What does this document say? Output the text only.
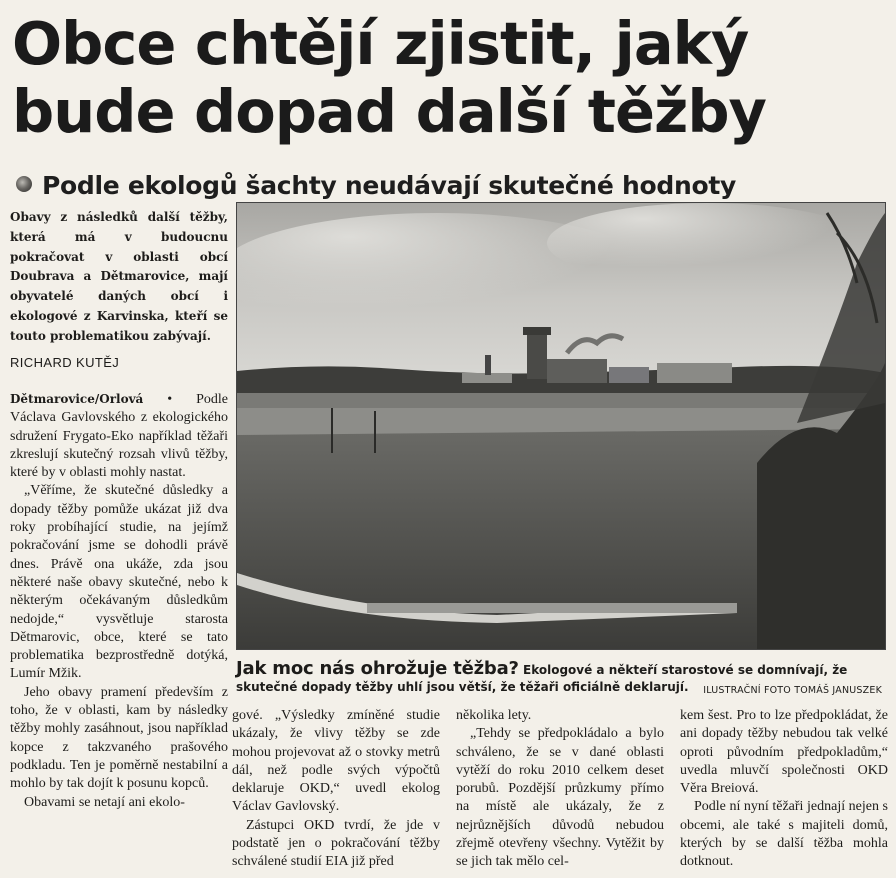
Obce chtějí zjistit, jaký
bude dopad další těžby
Podle ekologů šachty neudávají skutečné hodnoty

Obavy z následků další těžby, která má v budoucnu pokračovat v oblasti obcí Doubrava a Dětmarovice, mají obyvatelé daných obcí i ekologové z Karvinska, kteří se touto problematikou zabývají.

RICHARD KUTĚJ

Dětmarovice/Orlová • Podle Václava Gavlovského z ekologického sdružení Frygato-Eko například těžaři zkreslují skutečný rozsah vlivů těžby, které by v oblasti mohly nastat.

„Věříme, že skutečné důsledky a dopady těžby pomůže ukázat již dva roky probíhající studie, na jejímž pokračování jsme se dohodli právě dnes. Právě ona ukáže, zda jsou některé naše obavy skutečné, nebo k některým očekávaným důsledkům nedojde,“ vysvětluje starosta Dětmarovic, obce, které se tato problematika bezprostředně dotýká, Lumír Mžik.

Jeho obavy pramení především z toho, že v oblasti, kam by následky těžby mohly zasáhnout, jsou například kopce z takzvaného prašového podkladu. Ten je poměrně nestabilní a mohlo by tak dojít k posunu kopců.

Obavami se netají ani ekolo-

Jak moc nás ohrožuje těžba? Ekologové a někteří starostové se domnívají, že skutečné dopady těžby uhlí jsou větší, že těžaři oficiálně deklarují. ILUSTRAČNÍ FOTO TOMÁŠ JANUSZEK

gové. „Výsledky zmíněné studie ukázaly, že vlivy těžby se zde mohou projevovat až o stovky metrů dál, než podle svých výpočtů deklaruje OKD,“ uvedl ekolog Václav Gavlovský.

Zástupci OKD tvrdí, že jde v podstatě jen o pokračování těžby schválené studií EIA již před

několika lety.

„Tehdy se předpokládalo a bylo schváleno, že se v dané oblasti vytěží do roku 2010 celkem deset porubů. Pozdější průzkumy přímo na místě ale ukázaly, že z nejrůznějších důvodů nebudou zřejmě otevřeny všechny. Vytěžit by se jich tak mělo cel-

kem šest. Pro to lze předpokládat, že ani dopady těžby nebudou tak velké oproti původním předpokladům,“ uvedla mluvčí společnosti OKD Věra Breiová.

Podle ní nyní těžaři jednají nejen s obcemi, ale také s majiteli domů, kterých by se další těžba mohla dotknout.
